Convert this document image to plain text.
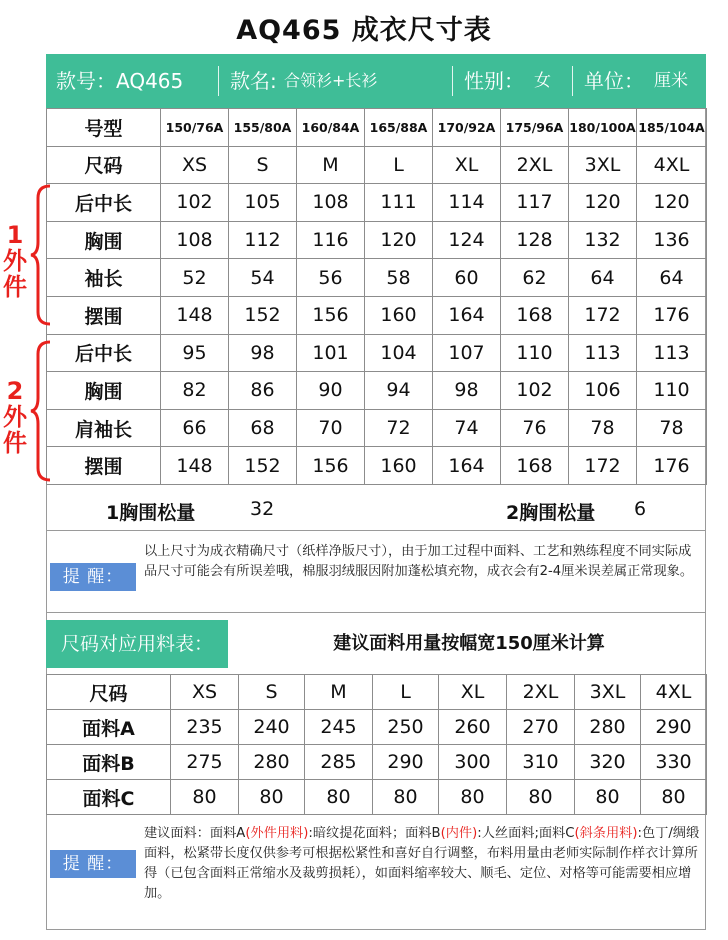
AQ465 成衣尺寸表
款号：AQ465 款名: 合领衫+长衫	性别： 女 单位： 厘米
号型	150/76A	155/80A	160/84A	165/88A	170/92A	175/96A	180/100A	185/104A
尺码	XS	S	M	L	XL	2XL	3XL	4XL
后中长	102	105	108	111	114	117	120	120
胸围	108	112	116	120	124	128	132	136
袖长	52	54	56	58	60	62	64	64
摆围	148	152	156	160	164	168	172	176
后中长	95	98	101	104	107	110	113	113
胸围	82	86	90	94	98	102	106	110
肩袖长	66	68	70	72	74	76	78	78
摆围	148	152	156	160	164	168	172	176
1外件
2外件
1胸围松量	32	2胸围松量 6
提 醒：
以上尺寸为成衣精确尺寸（纸样净版尺寸），由于加工过程中面料、工艺和熟练程度不同实际成品尺寸可能会有所误差哦，棉服羽绒服因附加蓬松填充物，成衣会有2-4厘米误差属正常现象。
尺码对应用料表：	建议面料用量按幅宽150厘米计算
尺码	XS	S	M	L	XL	2XL	3XL	4XL
面料A	235	240	245	250	260	270	280	290
面料B	275	280	285	290	300	310	320	330
面料C	80	80	80	80	80	80	80	80
提 醒：
建议面料：面料A(外件用料):暗纹提花面料；面料B(内件):人丝面料;面料C(斜条用料):色丁/绸缎面料，松紧带长度仅供参考可根据松紧性和喜好自行调整，布料用量由老师实际制作样衣计算所得（已包含面料正常缩水及裁剪损耗），如面料缩率较大、顺毛、定位、对格等可能需要相应增加。
